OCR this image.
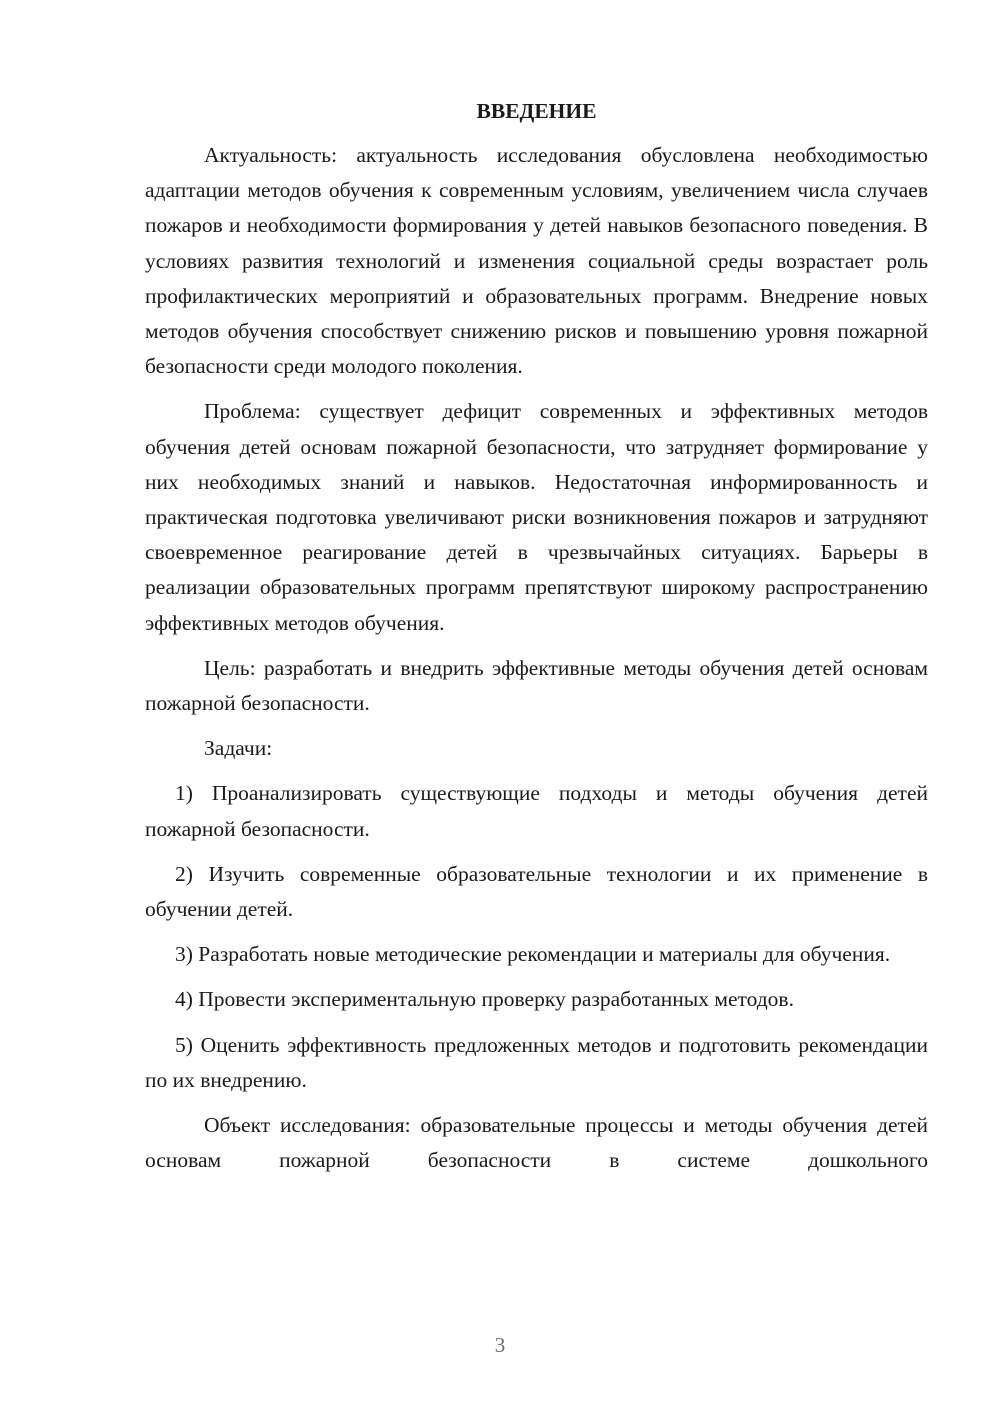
ВВЕДЕНИЕ

Актуальность: актуальность исследования обусловлена необходимостью адаптации методов обучения к современным условиям, увеличением числа случаев пожаров и необходимости формирования у детей навыков безопасного поведения. В условиях развития технологий и изменения социальной среды возрастает роль профилактических мероприятий и образовательных программ. Внедрение новых методов обучения способствует снижению рисков и повышению уровня пожарной безопасности среди молодого поколения.

Проблема: существует дефицит современных и эффективных методов обучения детей основам пожарной безопасности, что затрудняет формирование у них необходимых знаний и навыков. Недостаточная информированность и практическая подготовка увеличивают риски возникновения пожаров и затрудняют своевременное реагирование детей в чрезвычайных ситуациях. Барьеры в реализации образовательных программ препятствуют широкому распространению эффективных методов обучения.

Цель: разработать и внедрить эффективные методы обучения детей основам пожарной безопасности.

Задачи:

1) Проанализировать существующие подходы и методы обучения детей пожарной безопасности.

2) Изучить современные образовательные технологии и их применение в обучении детей.

3) Разработать новые методические рекомендации и материалы для обучения.

4) Провести экспериментальную проверку разработанных методов.

5) Оценить эффективность предложенных методов и подготовить рекомендации по их внедрению.

Объект исследования: образовательные процессы и методы обучения детей основам пожарной безопасности в системе дошкольного

3
